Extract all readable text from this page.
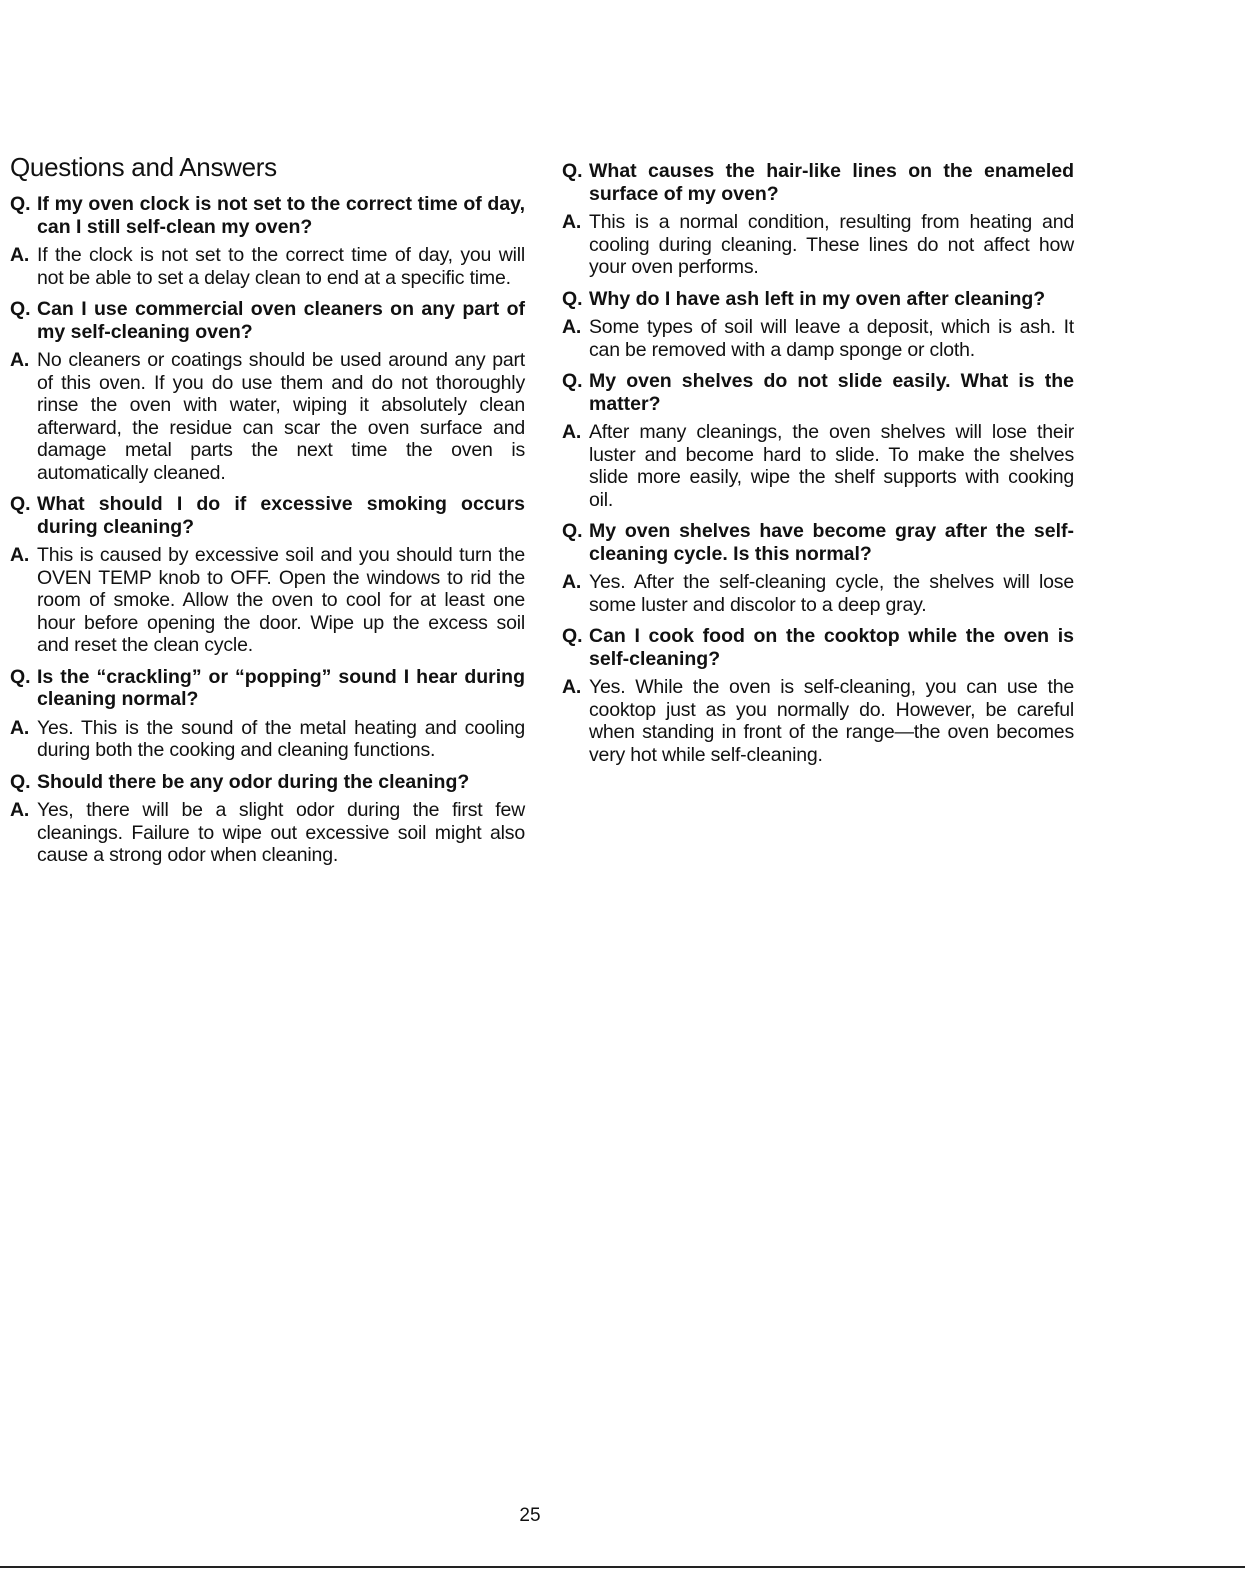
Questions and Answers
Q. If my oven clock is not set to the correct time of day, can I still self-clean my oven?
A. If the clock is not set to the correct time of day, you will not be able to set a delay clean to end at a specific time.
Q. Can I use commercial oven cleaners on any part of my self-cleaning oven?
A. No cleaners or coatings should be used around any part of this oven. If you do use them and do not thoroughly rinse the oven with water, wiping it absolutely clean afterward, the residue can scar the oven surface and damage metal parts the next time the oven is automatically cleaned.
Q. What should I do if excessive smoking occurs during cleaning?
A. This is caused by excessive soil and you should turn the OVEN TEMP knob to OFF. Open the windows to rid the room of smoke. Allow the oven to cool for at least one hour before opening the door. Wipe up the excess soil and reset the clean cycle.
Q. Is the “crackling” or “popping” sound I hear during cleaning normal?
A. Yes. This is the sound of the metal heating and cooling during both the cooking and cleaning functions.
Q. Should there be any odor during the cleaning?
A. Yes, there will be a slight odor during the first few cleanings. Failure to wipe out excessive soil might also cause a strong odor when cleaning.
Q. What causes the hair-like lines on the enameled surface of my oven?
A. This is a normal condition, resulting from heating and cooling during cleaning. These lines do not affect how your oven performs.
Q. Why do I have ash left in my oven after cleaning?
A. Some types of soil will leave a deposit, which is ash. It can be removed with a damp sponge or cloth.
Q. My oven shelves do not slide easily. What is the matter?
A. After many cleanings, the oven shelves will lose their luster and become hard to slide. To make the shelves slide more easily, wipe the shelf supports with cooking oil.
Q. My oven shelves have become gray after the self-cleaning cycle. Is this normal?
A. Yes. After the self-cleaning cycle, the shelves will lose some luster and discolor to a deep gray.
Q. Can I cook food on the cooktop while the oven is self-cleaning?
A. Yes. While the oven is self-cleaning, you can use the cooktop just as you normally do. However, be careful when standing in front of the range—the oven becomes very hot while self-cleaning.
25
